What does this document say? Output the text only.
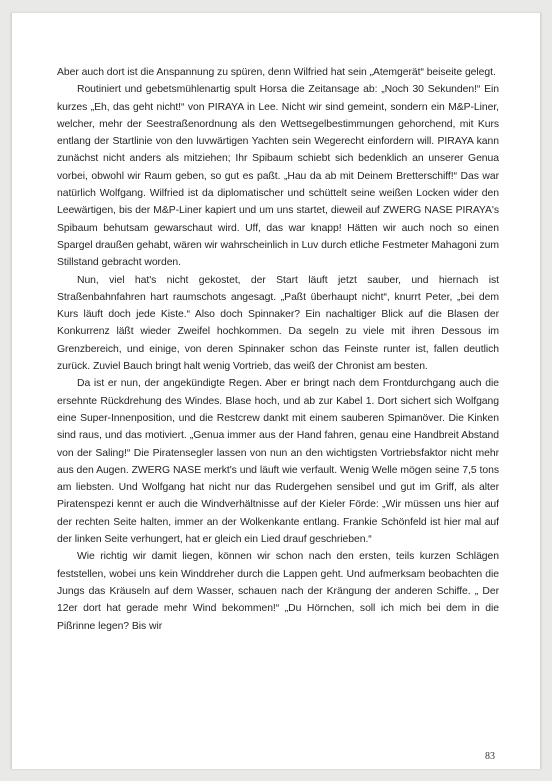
Aber auch dort ist die Anspannung zu spüren, denn Wilfried hat sein „Atemgerät“ beiseite gelegt.

Routiniert und gebetsmühlenartig spult Horsa die Zeitansage ab: „Noch 30 Sekunden!“ Ein kurzes „Eh, das geht nicht!“ von PIRAYA in Lee. Nicht wir sind gemeint, sondern ein M&P-Liner, welcher, mehr der Seestraßenordnung als den Wettsegelbestimmungen gehorchend, mit Kurs entlang der Startlinie von den luvwärtigen Yachten sein Wegerecht einfordern will. PIRAYA kann zunächst nicht anders als mitziehen; Ihr Spibaum schiebt sich bedenklich an unserer Genua vorbei, obwohl wir Raum geben, so gut es paßt. „Hau da ab mit Deinem Bretterschiff!“ Das war natürlich Wolfgang. Wilfried ist da diplomatischer und schüttelt seine weißen Locken wider den Leewärtigen, bis der M&P-Liner kapiert und um uns startet, dieweil auf ZWERG NASE PIRAYA's Spibaum behutsam gewarschaut wird. Uff, das war knapp! Hätten wir auch noch so einen Spargel draußen gehabt, wären wir wahrscheinlich in Luv durch etliche Festmeter Mahagoni zum Stillstand gebracht worden.

Nun, viel hat's nicht gekostet, der Start läuft jetzt sauber, und hiernach ist Straßenbahnfahren hart raumschots angesagt. „Paßt überhaupt nicht“, knurrt Peter, „bei dem Kurs läuft doch jede Kiste.“ Also doch Spinnaker? Ein nachaltiger Blick auf die Blasen der Konkurrenz läßt wieder Zweifel hochkommen. Da segeln zu viele mit ihren Dessous im Grenzbereich, und einige, von deren Spinnaker schon das Feinste runter ist, fallen deutlich zurück. Zuviel Bauch bringt halt wenig Vortrieb, das weiß der Chronist am besten.

Da ist er nun, der angekündigte Regen. Aber er bringt nach dem Frontdurchgang auch die ersehnte Rückdrehung des Windes. Blase hoch, und ab zur Kabel 1. Dort sichert sich Wolfgang eine Super-Innenposition, und die Restcrew dankt mit einem sauberen Spimanöver. Die Kinken sind raus, und das motiviert. „Genua immer aus der Hand fahren, genau eine Handbreit Abstand von der Saling!“ Die Piratensegler lassen von nun an den wichtigsten Vortriebsfaktor nicht mehr aus den Augen. ZWERG NASE merkt's und läuft wie verfault. Wenig Welle mögen seine 7,5 tons am liebsten. Und Wolfgang hat nicht nur das Rudergehen sensibel und gut im Griff, als alter Piratenspezi kennt er auch die Windverhältnisse auf der Kieler Förde: „Wir müssen uns hier auf der rechten Seite halten, immer an der Wolkenkante entlang. Frankie Schönfeld ist hier mal auf der linken Seite verhungert, hat er gleich ein Lied drauf geschrieben.“

Wie richtig wir damit liegen, können wir schon nach den ersten, teils kurzen Schlägen feststellen, wobei uns kein Winddreher durch die Lappen geht. Und aufmerksam beobachten die Jungs das Kräuseln auf dem Wasser, schauen nach der Krängung der anderen Schiffe. „ Der 12er dort hat gerade mehr Wind bekommen!“ „Du Hörnchen, soll ich mich bei dem in die Pißrinne legen? Bis wir

83
